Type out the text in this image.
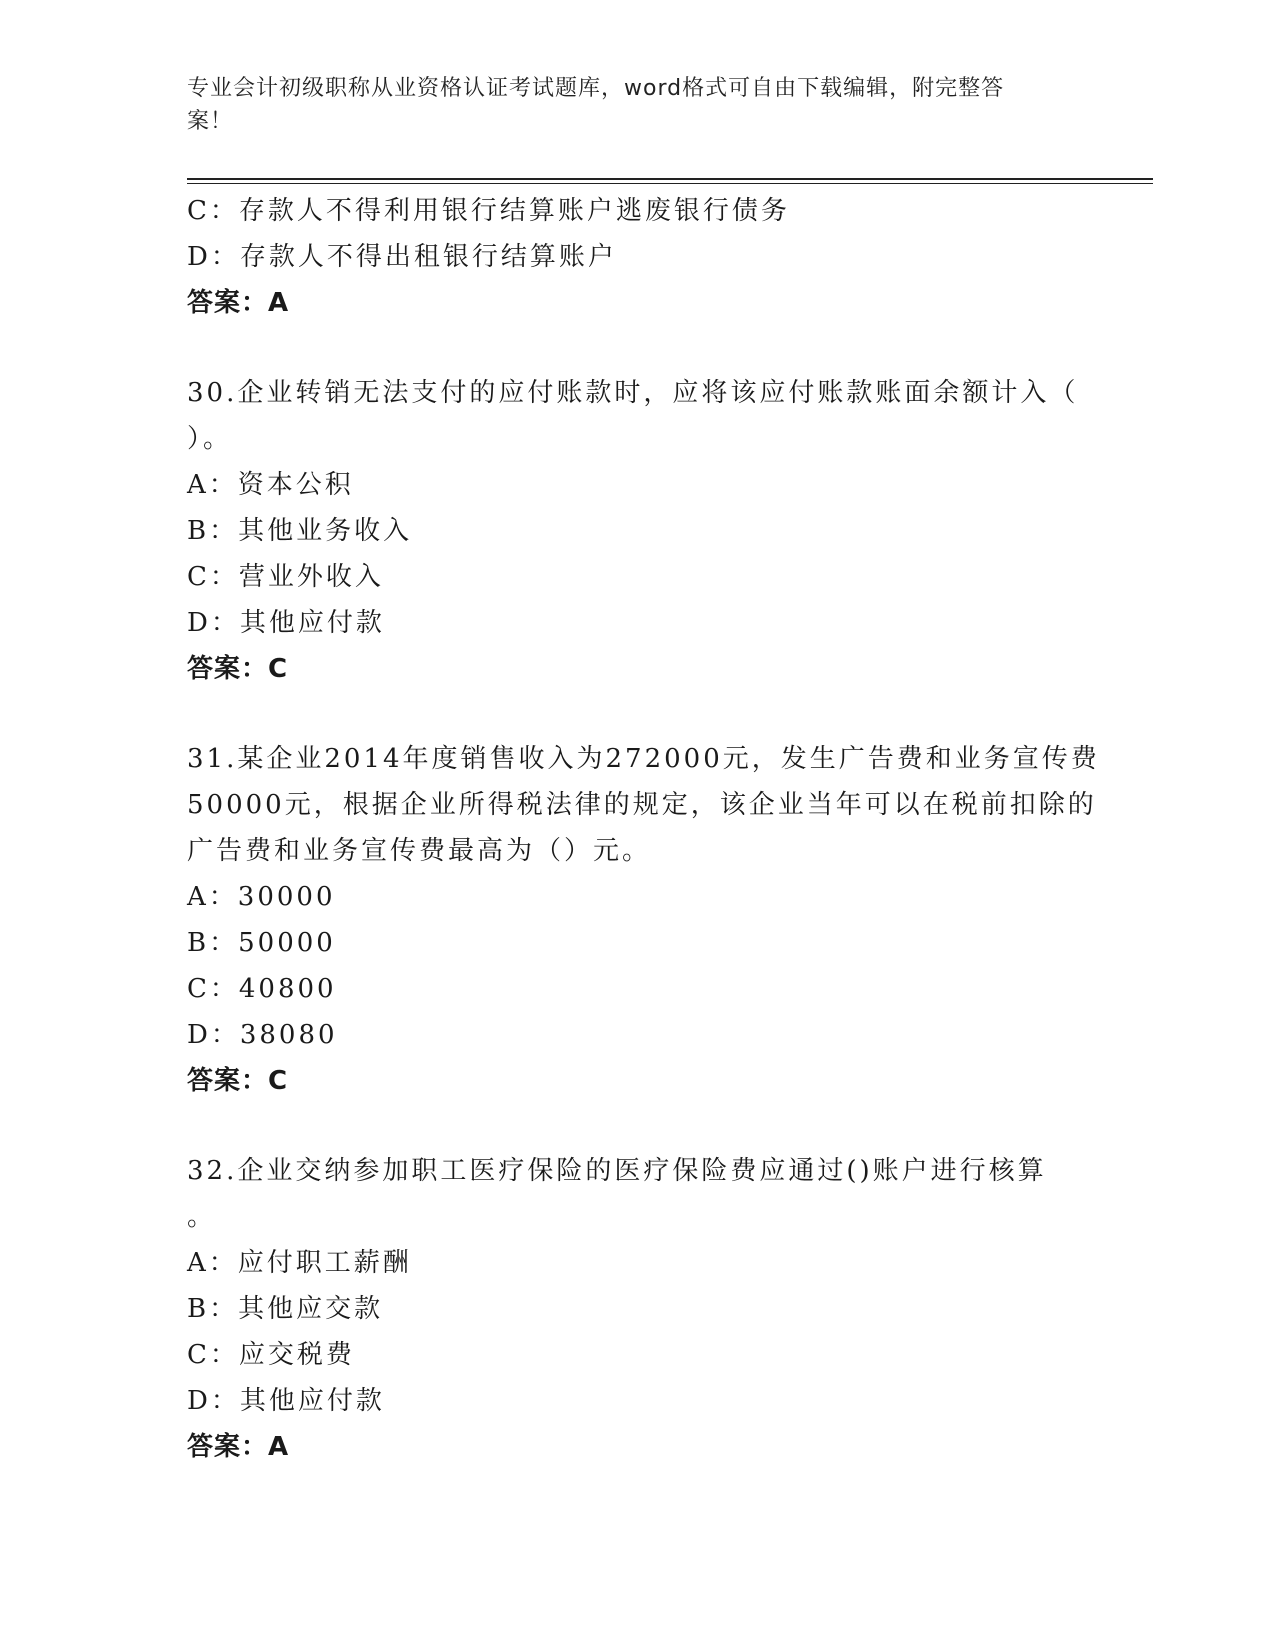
专业会计初级职称从业资格认证考试题库，word格式可自由下载编辑，附完整答
案！
C：存款人不得利用银行结算账户逃废银行债务
D：存款人不得出租银行结算账户
答案：A
30.企业转销无法支付的应付账款时，应将该应付账款账面余额计入（
）。
A：资本公积
B：其他业务收入
C：营业外收入
D：其他应付款
答案：C
31.某企业2014年度销售收入为272000元，发生广告费和业务宣传费
50000元，根据企业所得税法律的规定，该企业当年可以在税前扣除的
广告费和业务宣传费最高为（）元。
A：30000
B：50000
C：40800
D：38080
答案：C
32.企业交纳参加职工医疗保险的医疗保险费应通过()账户进行核算
。
A：应付职工薪酬
B：其他应交款
C：应交税费
D：其他应付款
答案：A
